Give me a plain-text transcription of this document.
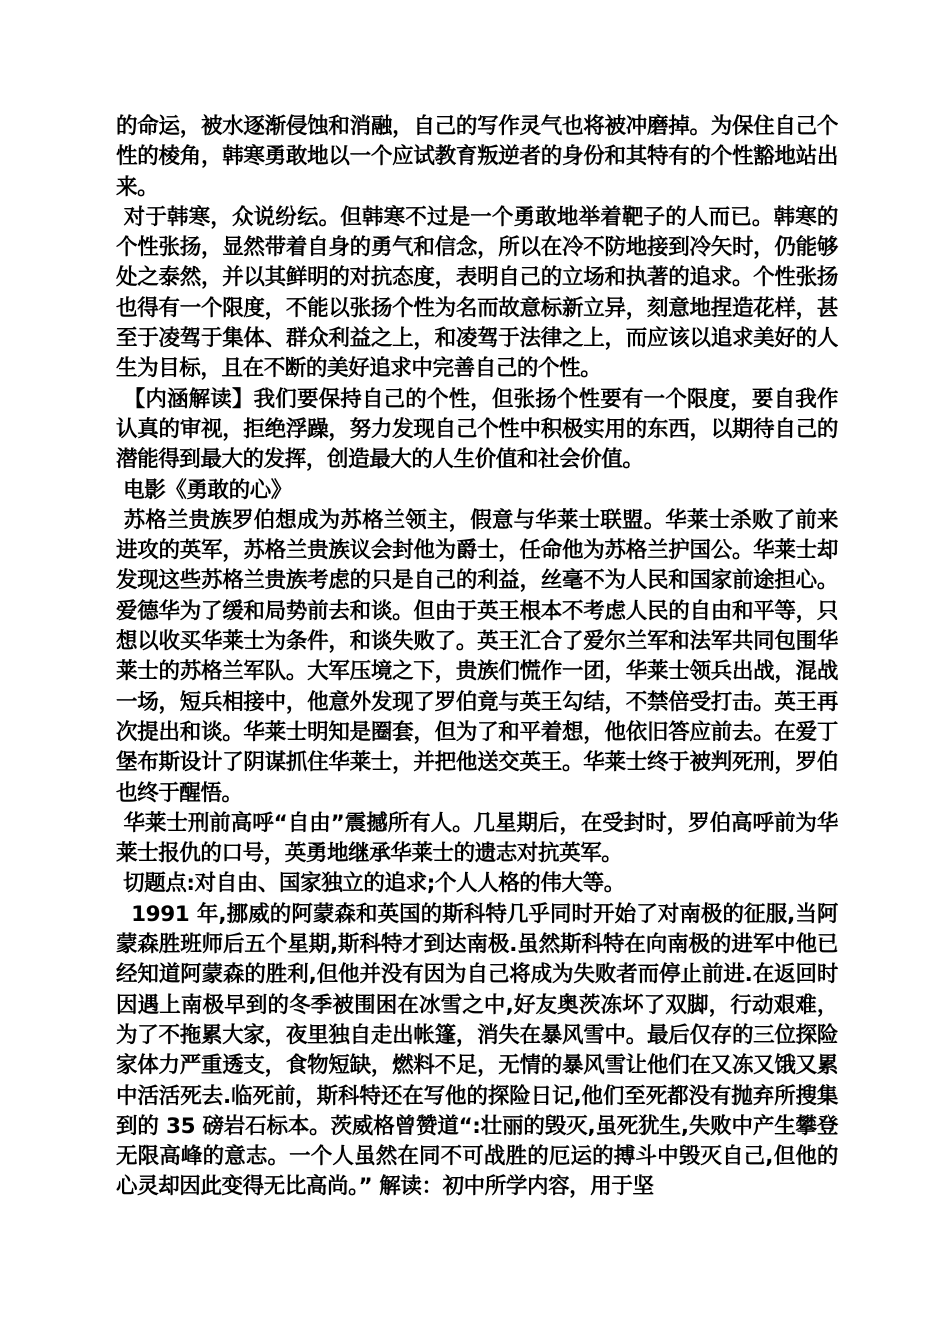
的命运，被水逐渐侵蚀和消融，自己的写作灵气也将被冲磨掉。为保住自己个性的棱角，韩寒勇敢地以一个应试教育叛逆者的身份和其特有的个性豁地站出来。

对于韩寒，众说纷纭。但韩寒不过是一个勇敢地举着靶子的人而已。韩寒的个性张扬，显然带着自身的勇气和信念，所以在冷不防地接到冷矢时，仍能够处之泰然，并以其鲜明的对抗态度，表明自己的立场和执著的追求。个性张扬也得有一个限度，不能以张扬个性为名而故意标新立异，刻意地捏造花样，甚至于凌驾于集体、群众利益之上，和凌驾于法律之上，而应该以追求美好的人生为目标，且在不断的美好追求中完善自己的个性。

【内涵解读】我们要保持自己的个性，但张扬个性要有一个限度，要自我作认真的审视，拒绝浮躁，努力发现自己个性中积极实用的东西，以期待自己的潜能得到最大的发挥，创造最大的人生价值和社会价值。

电影《勇敢的心》

苏格兰贵族罗伯想成为苏格兰领主，假意与华莱士联盟。华莱士杀败了前来进攻的英军，苏格兰贵族议会封他为爵士，任命他为苏格兰护国公。华莱士却发现这些苏格兰贵族考虑的只是自己的利益，丝毫不为人民和国家前途担心。爱德华为了缓和局势前去和谈。但由于英王根本不考虑人民的自由和平等，只想以收买华莱士为条件，和谈失败了。英王汇合了爱尔兰军和法军共同包围华莱士的苏格兰军队。大军压境之下，贵族们慌作一团，华莱士领兵出战，混战一场，短兵相接中，他意外发现了罗伯竟与英王勾结，不禁倍受打击。英王再次提出和谈。华莱士明知是圈套，但为了和平着想，他依旧答应前去。在爱丁堡布斯设计了阴谋抓住华莱士，并把他送交英王。华莱士终于被判死刑，罗伯也终于醒悟。

华莱士刑前高呼“自由”震撼所有人。几星期后，在受封时，罗伯高呼前为华莱士报仇的口号，英勇地继承华莱士的遗志对抗英军。

切题点:对自由、国家独立的追求;个人人格的伟大等。

1991 年,挪威的阿蒙森和英国的斯科特几乎同时开始了对南极的征服,当阿蒙森胜班师后五个星期,斯科特才到达南极.虽然斯科特在向南极的进军中他已经知道阿蒙森的胜利,但他并没有因为自己将成为失败者而停止前进.在返回时因遇上南极早到的冬季被围困在冰雪之中,好友奥茨冻坏了双脚，行动艰难，为了不拖累大家，夜里独自走出帐篷，消失在暴风雪中。最后仅存的三位探险家体力严重透支，食物短缺，燃料不足，无情的暴风雪让他们在又冻又饿又累中活活死去.临死前，斯科特还在写他的探险日记,他们至死都没有抛弃所搜集到的 35 磅岩石标本。茨威格曾赞道“:壮丽的毁灭,虽死犹生,失败中产生攀登无限高峰的意志。一个人虽然在同不可战胜的厄运的搏斗中毁灭自己,但他的心灵却因此变得无比高尚。” 解读：初中所学内容，用于坚
